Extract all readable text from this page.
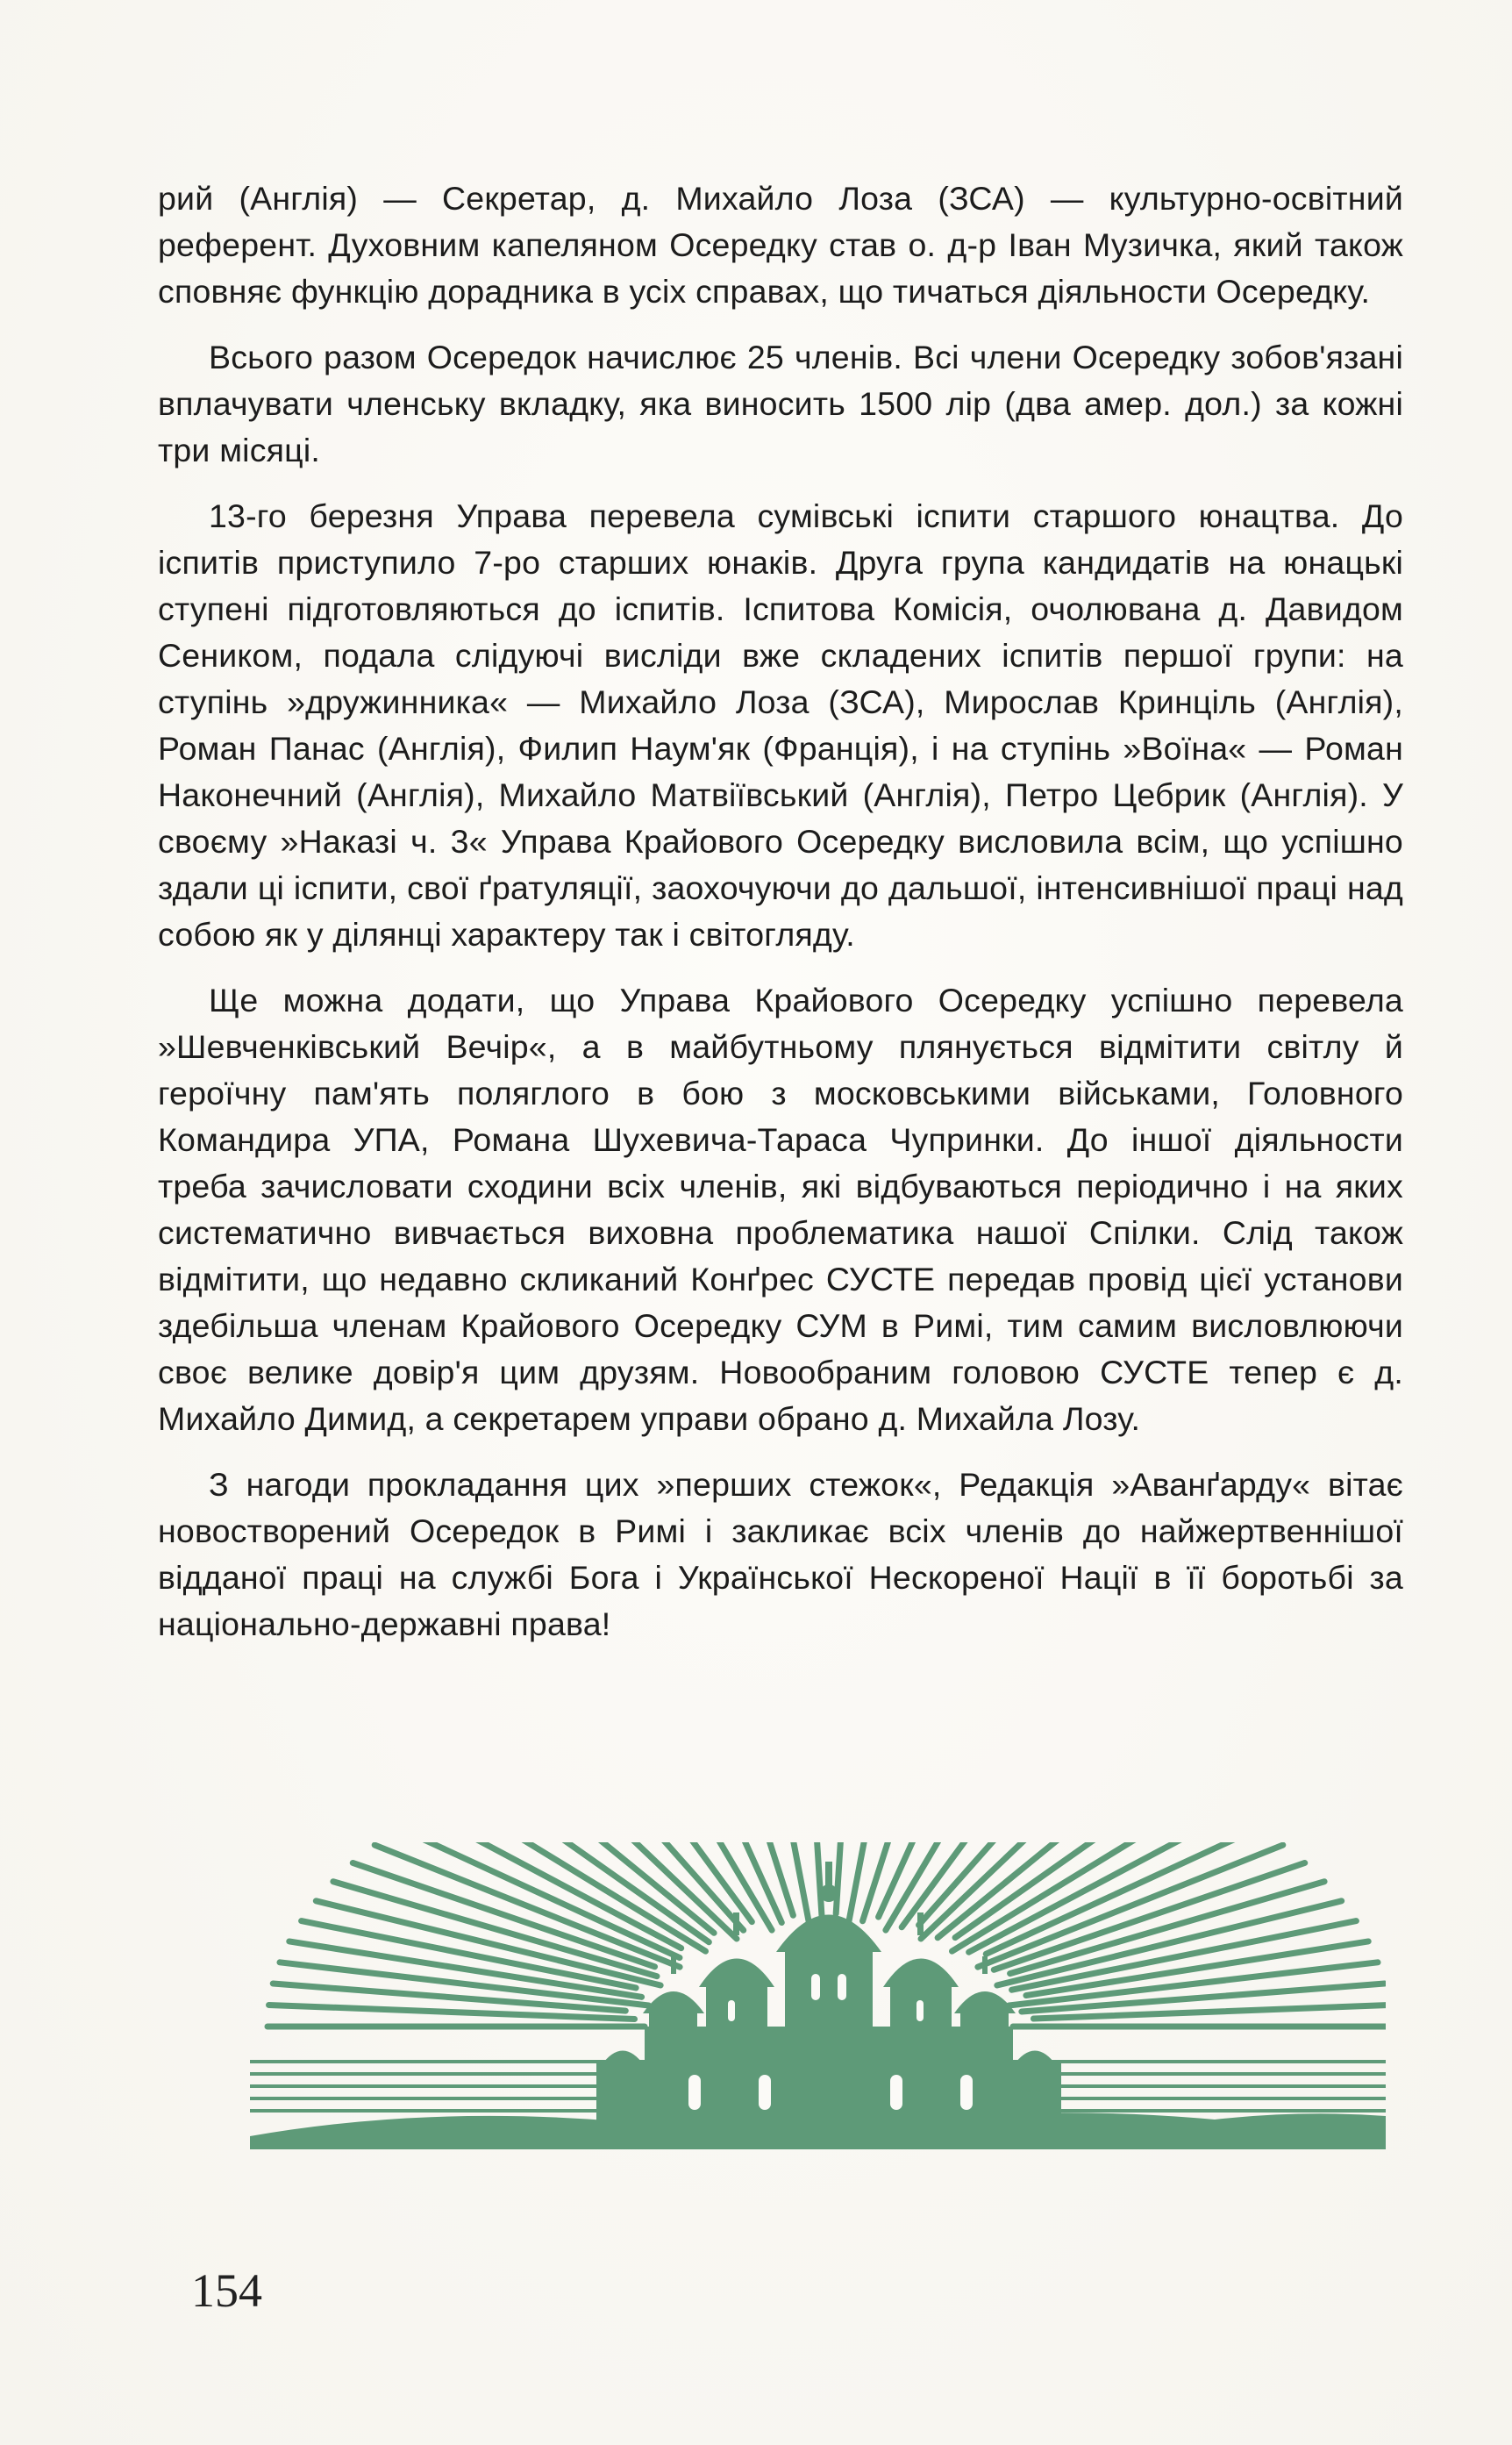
рий (Англія) — Секретар, д. Михайло Лоза (ЗСА) — культурно-освітний референт. Духовним капеляном Осередку став о. д-р Іван Музичка, який також сповняє функцію дорадника в усіх справах, що тичаться діяльности Осередку.

Всього разом Осередок начислює 25 членів. Всі члени Осередку зобов'язані вплачувати членську вкладку, яка виносить 1500 лір (два амер. дол.) за кожні три місяці.

13-го березня Управа перевела сумівські іспити старшого юнацтва. До іспитів приступило 7-ро старших юнаків. Друга група кандидатів на юнацькі ступені підготовляються до іспитів. Іспитова Комісія, очолювана д. Давидом Сеником, подала слідуючі висліди вже складених іспитів першої групи: на ступінь »дружинника« — Михайло Лоза (ЗСА), Мирослав Кринціль (Англія), Роман Панас (Англія), Филип Наум'як (Франція), і на ступінь »Воїна« — Роман Наконечний (Англія), Михайло Матвіївський (Англія), Петро Цебрик (Англія). У своєму »Наказі ч. 3« Управа Крайового Осередку висловила всім, що успішно здали ці іспити, свої ґратуляції, заохочуючи до дальшої, інтенсивнішої праці над собою як у ділянці характеру так і світогляду.

Ще можна додати, що Управа Крайового Осередку успішно перевела »Шевченківський Вечір«, а в майбутньому плянується відмітити світлу й героїчну пам'ять поляглого в бою з московськими військами, Головного Командира УПА, Романа Шухевича-Тараса Чупринки. До іншої діяльности треба зачисловати сходини всіх членів, які відбуваються періодично і на яких систематично вивчається виховна проблематика нашої Спілки. Слід також відмітити, що недавно скликаний Конґрес СУСТЕ передав провід цієї установи здебільша членам Крайового Осередку СУМ в Римі, тим самим висловлюючи своє велике довір'я цим друзям. Новообраним головою СУСТЕ тепер є д. Михайло Димид, а секретарем управи обрано д. Михайла Лозу.

З нагоди прокладання цих »перших стежок«, Редакція »Аванґарду« вітає новостворений Осередок в Римі і закликає всіх членів до найжертвеннішої відданої праці на службі Бога і Української Нескореної Нації в її боротьбі за національно-державні права!

154
